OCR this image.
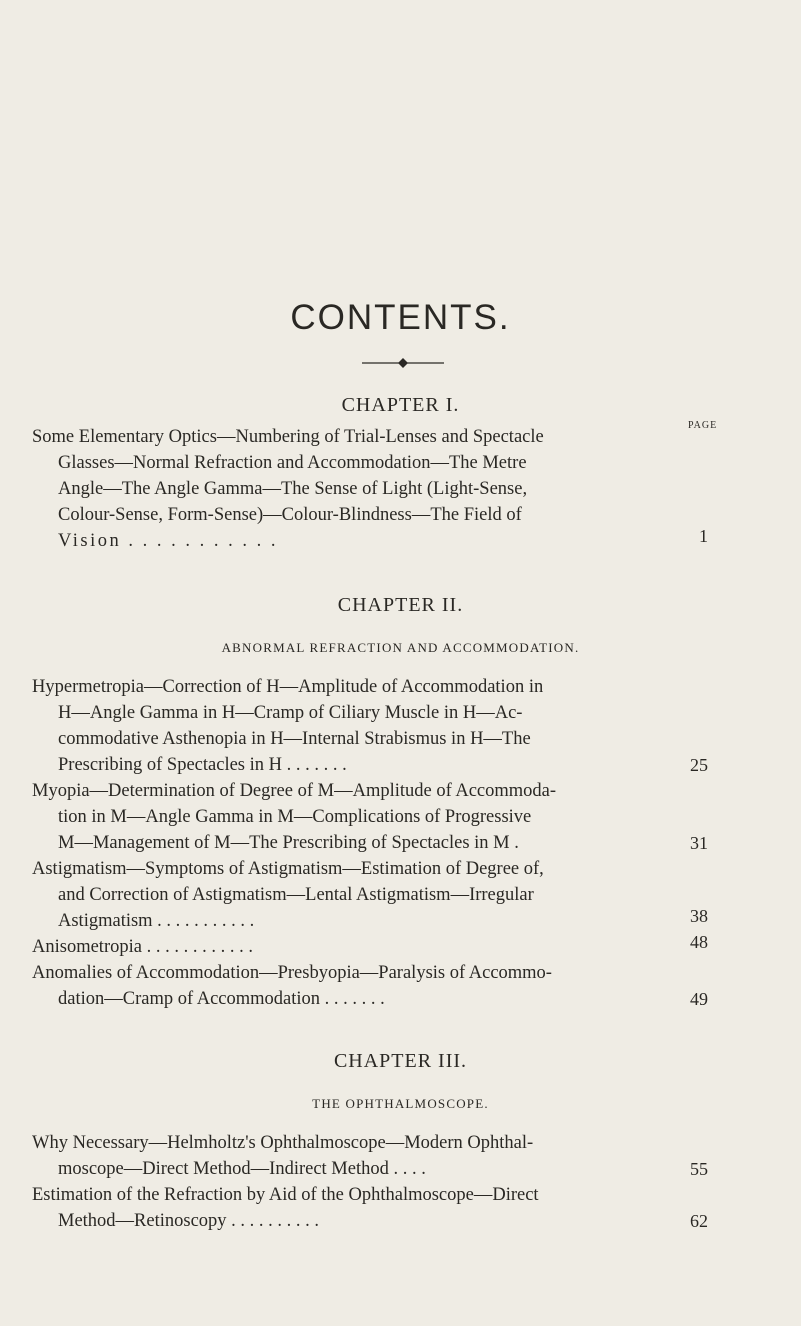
CONTENTS.
CHAPTER I.
PAGE
Some Elementary Optics—Numbering of Trial-Lenses and Spectacle
Glasses—Normal Refraction and Accommodation—The Metre
Angle—The Angle Gamma—The Sense of Light (Light-Sense,
Colour-Sense, Form-Sense)—Colour-Blindness—The Field of
Vision . . . . . . . . . . .	1
CHAPTER II.
ABNORMAL REFRACTION AND ACCOMMODATION.
Hypermetropia—Correction of H—Amplitude of Accommodation in
H—Angle Gamma in H—Cramp of Ciliary Muscle in H—Ac-
commodative Asthenopia in H—Internal Strabismus in H—The
Prescribing of Spectacles in H . . . . . . .	25
Myopia—Determination of Degree of M—Amplitude of Accommoda-
tion in M—Angle Gamma in M—Complications of Progressive
M—Management of M—The Prescribing of Spectacles in M .	31
Astigmatism—Symptoms of Astigmatism—Estimation of Degree of,
and Correction of Astigmatism—Lental Astigmatism—Irregular
Astigmatism . . . . . . . . . . .	38
Anisometropia . . . . . . . . . . . .	48
Anomalies of Accommodation—Presbyopia—Paralysis of Accommo-
dation—Cramp of Accommodation . . . . . . .	49
CHAPTER III.
THE OPHTHALMOSCOPE.
Why Necessary—Helmholtz's Ophthalmoscope—Modern Ophthal-
moscope—Direct Method—Indirect Method . . . .	55
Estimation of the Refraction by Aid of the Ophthalmoscope—Direct
Method—Retinoscopy . . . . . . . . . .	62
